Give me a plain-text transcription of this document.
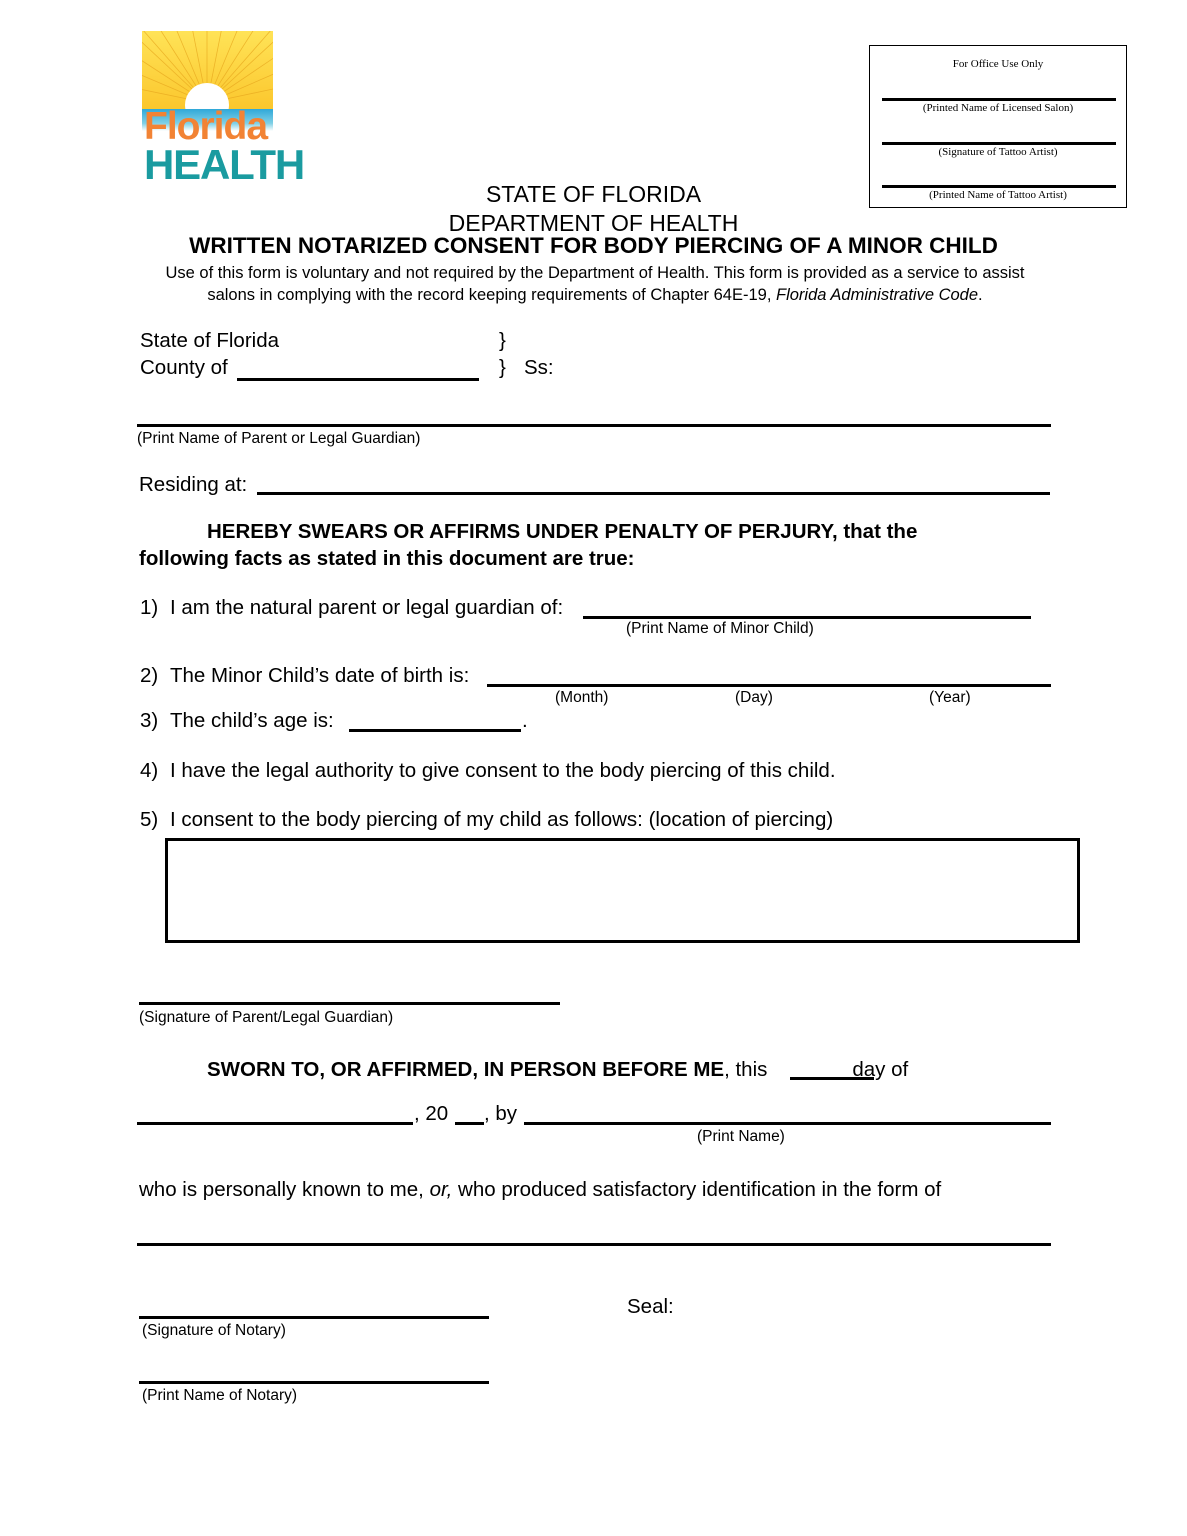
Florida
HEALTH
For Office Use Only
(Printed Name of Licensed Salon)
(Signature of Tattoo Artist)
(Printed Name of Tattoo Artist)
STATE OF FLORIDA
DEPARTMENT OF HEALTH
WRITTEN NOTARIZED CONSENT FOR BODY PIERCING OF A MINOR CHILD
Use of this form is voluntary and not required by the Department of Health. This form is provided as a service to assist salons in complying with the record keeping requirements of Chapter 64E-19, Florida Administrative Code.
State of Florida	}
County of	} Ss:
(Print Name of Parent or Legal Guardian)
Residing at:
HEREBY SWEARS OR AFFIRMS UNDER PENALTY OF PERJURY, that the
following facts as stated in this document are true:
1) I am the natural parent or legal guardian of:
(Print Name of Minor Child)
2) The Minor Child’s date of birth is:
(Month)	(Day)	(Year)
3) The child’s age is:	.
4) I have the legal authority to give consent to the body piercing of this child.
5) I consent to the body piercing of my child as follows: (location of piercing)
(Signature of Parent/Legal Guardian)
SWORN TO, OR AFFIRMED, IN PERSON BEFORE ME, this	day of
, 20 , by
(Print Name)
who is personally known to me, or, who produced satisfactory identification in the form of
(Signature of Notary)
Seal:
(Print Name of Notary)
